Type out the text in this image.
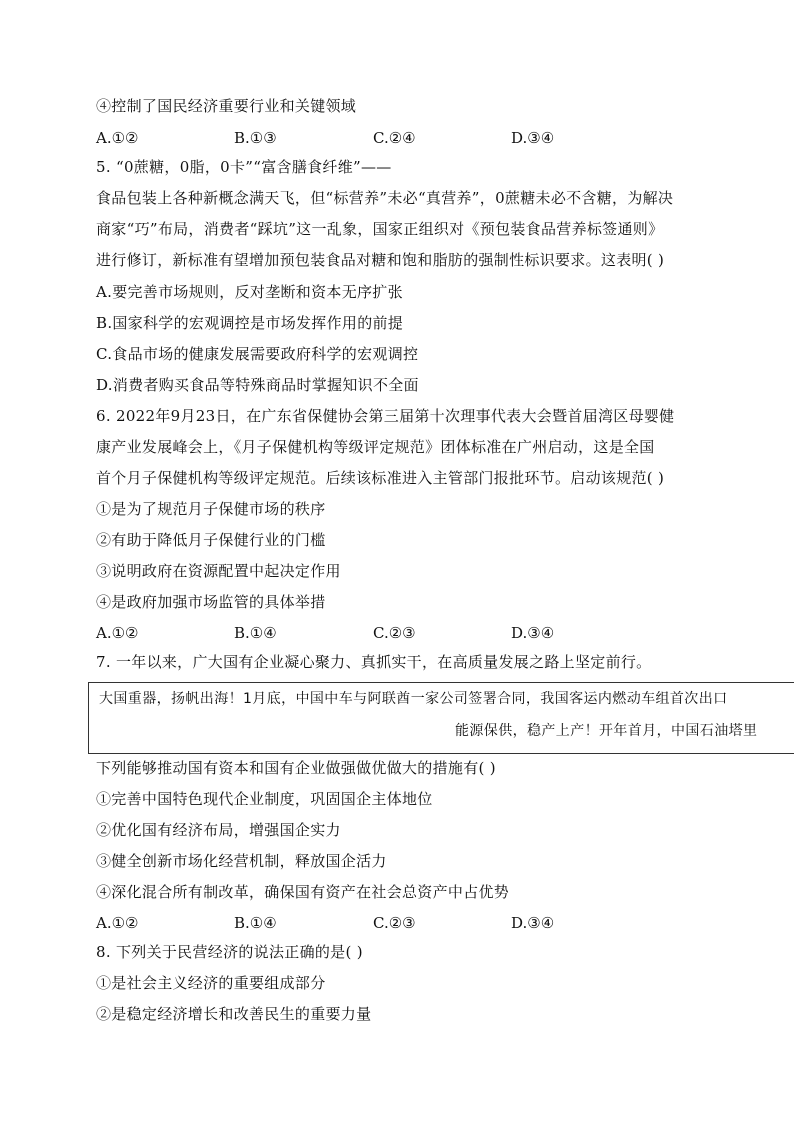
④控制了国民经济重要行业和关键领域
A.①②	B.①③	C.②④	D.③④
5. “0蔗糖，0脂，0卡”“富含膳食纤维”——
食品包装上各种新概念满天飞，但“标营养”未必“真营养”，0蔗糖未必不含糖，为解决
商家“巧”布局，消费者“踩坑”这一乱象，国家正组织对《预包装食品营养标签通则》
进行修订，新标准有望增加预包装食品对糖和饱和脂肪的强制性标识要求。这表明( )
A.要完善市场规则，反对垄断和资本无序扩张
B.国家科学的宏观调控是市场发挥作用的前提
C.食品市场的健康发展需要政府科学的宏观调控
D.消费者购买食品等特殊商品时掌握知识不全面
6. 2022年9月23日，在广东省保健协会第三届第十次理事代表大会暨首届湾区母婴健
康产业发展峰会上，《月子保健机构等级评定规范》团体标准在广州启动，这是全国
首个月子保健机构等级评定规范。后续该标准进入主管部门报批环节。启动该规范( )
①是为了规范月子保健市场的秩序
②有助于降低月子保健行业的门槛
③说明政府在资源配置中起决定作用
④是政府加强市场监管的具体举措
A.①②	B.①④	C.②③	D.③④
7. 一年以来，广大国有企业凝心聚力、真抓实干，在高质量发展之路上坚定前行。
大国重器，扬帆出海！1月底，中国中车与阿联酋一家公司签署合同，我国客运内燃动车组首次出口
能源保供，稳产上产！开年首月，中国石油塔里
下列能够推动国有资本和国有企业做强做优做大的措施有( )
①完善中国特色现代企业制度，巩固国企主体地位
②优化国有经济布局，增强国企实力
③健全创新市场化经营机制，释放国企活力
④深化混合所有制改革，确保国有资产在社会总资产中占优势
A.①②	B.①④	C.②③	D.③④
8. 下列关于民营经济的说法正确的是( )
①是社会主义经济的重要组成部分
②是稳定经济增长和改善民生的重要力量
